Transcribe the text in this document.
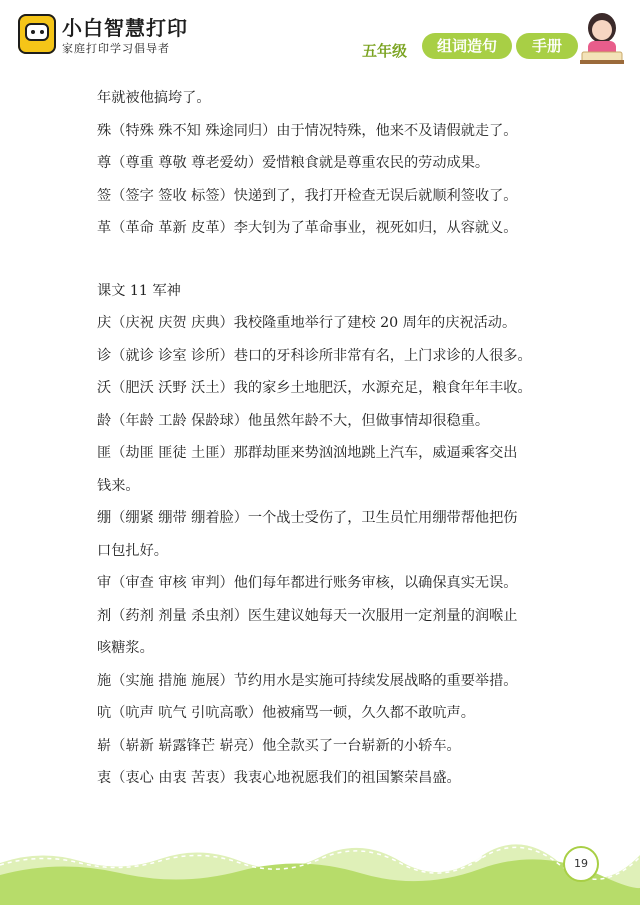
小白智慧打印
家庭打印学习倡导者	五年级	组词造句	手册
年就被他搞垮了。
殊（特殊 殊不知 殊途同归）由于情况特殊，他来不及请假就走了。
尊（尊重 尊敬 尊老爱幼）爱惜粮食就是尊重农民的劳动成果。
签（签字 签收 标签）快递到了，我打开检查无误后就顺利签收了。
革（革命 革新 皮革）李大钊为了革命事业，视死如归，从容就义。
课文 11 军神
庆（庆祝 庆贺 庆典）我校隆重地举行了建校 20 周年的庆祝活动。
诊（就诊 诊室 诊所）巷口的牙科诊所非常有名，上门求诊的人很多。
沃（肥沃 沃野 沃土）我的家乡土地肥沃，水源充足，粮食年年丰收。
龄（年龄 工龄 保龄球）他虽然年龄不大，但做事情却很稳重。
匪（劫匪 匪徒 土匪）那群劫匪来势汹汹地跳上汽车，威逼乘客交出
钱来。
绷（绷紧 绷带 绷着脸）一个战士受伤了，卫生员忙用绷带帮他把伤
口包扎好。
审（审查 审核 审判）他们每年都进行账务审核，以确保真实无误。
剂（药剂 剂量 杀虫剂）医生建议她每天一次服用一定剂量的润喉止
咳糖浆。
施（实施 措施 施展）节约用水是实施可持续发展战略的重要举措。
吭（吭声 吭气 引吭高歌）他被痛骂一顿，久久都不敢吭声。
崭（崭新 崭露锋芒 崭亮）他全款买了一台崭新的小轿车。
衷（衷心 由衷 苦衷）我衷心地祝愿我们的祖国繁荣昌盛。
19
